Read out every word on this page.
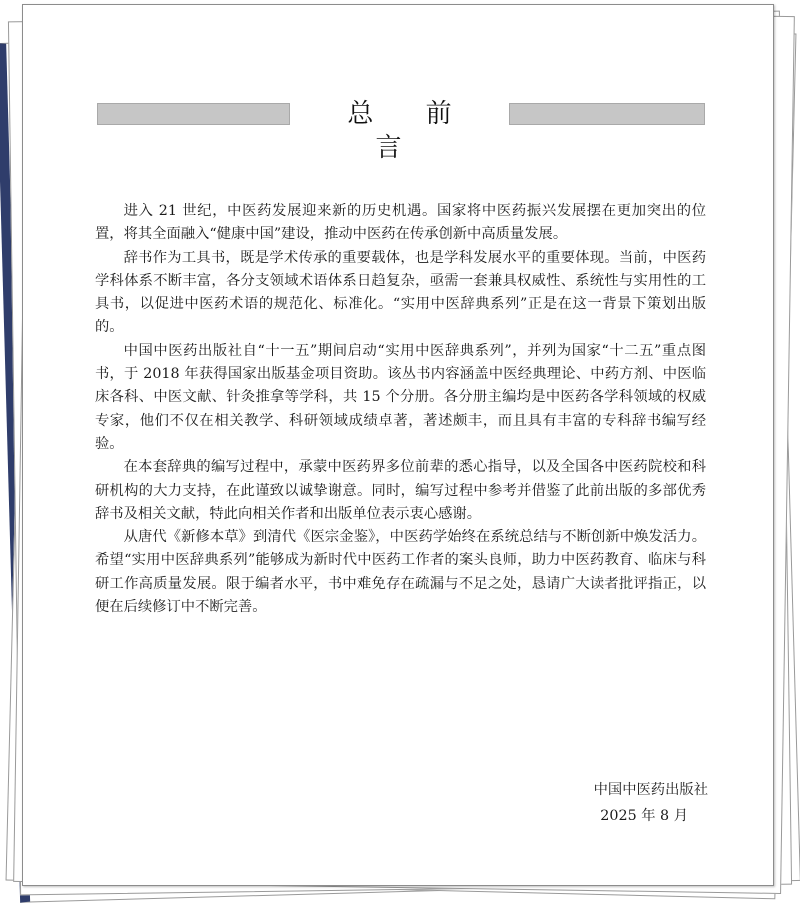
总 前 言

进入 21 世纪，中医药发展迎来新的历史机遇。国家将中医药振兴发展摆在更加突出的位置，将其全面融入“健康中国”建设，推动中医药在传承创新中高质量发展。

辞书作为工具书，既是学术传承的重要载体，也是学科发展水平的重要体现。当前，中医药学科体系不断丰富，各分支领域术语体系日趋复杂，亟需一套兼具权威性、系统性与实用性的工具书，以促进中医药术语的规范化、标准化。“实用中医辞典系列”正是在这一背景下策划出版的。

中国中医药出版社自“十一五”期间启动“实用中医辞典系列”，并列为国家“十二五”重点图书，于 2018 年获得国家出版基金项目资助。该丛书内容涵盖中医经典理论、中药方剂、中医临床各科、中医文献、针灸推拿等学科，共 15 个分册。各分册主编均是中医药各学科领域的权威专家，他们不仅在相关教学、科研领域成绩卓著，著述颇丰，而且具有丰富的专科辞书编写经验。

在本套辞典的编写过程中，承蒙中医药界多位前辈的悉心指导，以及全国各中医药院校和科研机构的大力支持，在此谨致以诚挚谢意。同时，编写过程中参考并借鉴了此前出版的多部优秀辞书及相关文献，特此向相关作者和出版单位表示衷心感谢。

从唐代《新修本草》到清代《医宗金鉴》，中医药学始终在系统总结与不断创新中焕发活力。希望“实用中医辞典系列”能够成为新时代中医药工作者的案头良师，助力中医药教育、临床与科研工作高质量发展。限于编者水平，书中难免存在疏漏与不足之处，恳请广大读者批评指正，以便在后续修订中不断完善。

中国中医药出版社
2025 年 8 月
